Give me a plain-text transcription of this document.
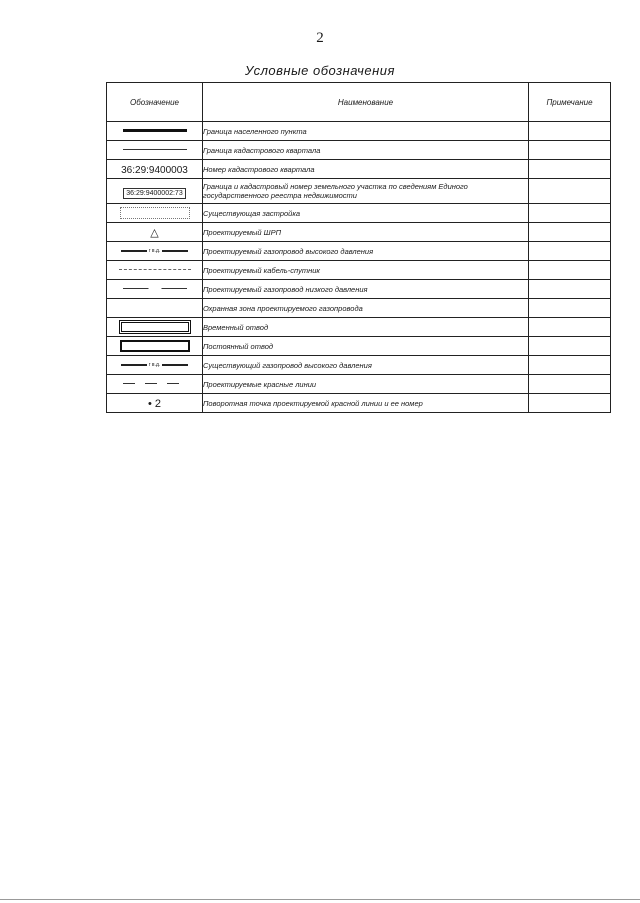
2
Условные обозначения
Обозначение	Наименование	Примечание
	Граница населенного пункта	
	Граница кадастрового квартала	
36:29:9400003	Номер кадастрового квартала	
36:29:9400002:73	Граница и кадастровый номер земельного участка по сведениям Единого государственного реестра недвижимости	
	Существующая застройка	
△	Проектируемый ШРП	

г в.д.	Проектируемый газопровод высокого давления	
	Проектируемый кабель-спутник	
	Проектируемый газопровод низкого давления	
	Охранная зона проектируемого газопровода	
	Временный отвод	
	Постоянный отвод	

г в.д.	Существующий газопровод высокого давления	
	Проектируемые красные линии	
• 2	Поворотная точка проектируемой красной линии и ее номер	
